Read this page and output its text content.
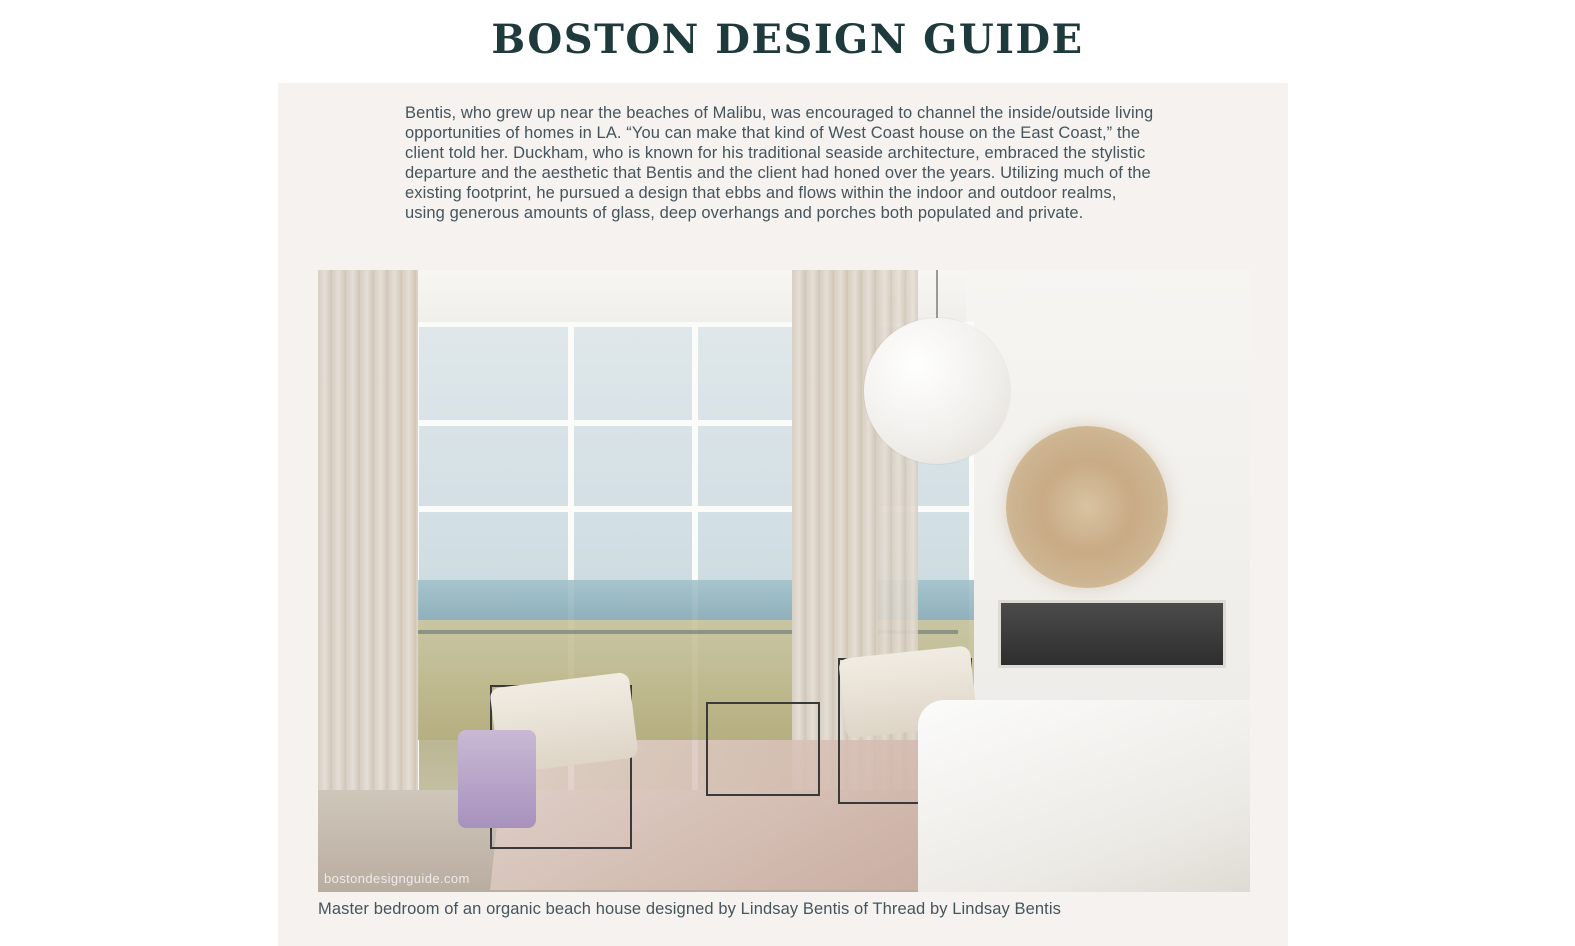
BOSTON DESIGN GUIDE

Bentis, who grew up near the beaches of Malibu, was encouraged to channel the inside/outside living opportunities of homes in LA. “You can make that kind of West Coast house on the East Coast,” the client told her. Duckham, who is known for his traditional seaside architecture, embraced the stylistic departure and the aesthetic that Bentis and the client had honed over the years. Utilizing much of the existing footprint, he pursued a design that ebbs and flows within the indoor and outdoor realms, using generous amounts of glass, deep overhangs and porches both populated and private.

bostondesignguide.com
Master bedroom of an organic beach house designed by Lindsay Bentis of Thread by Lindsay Bentis
